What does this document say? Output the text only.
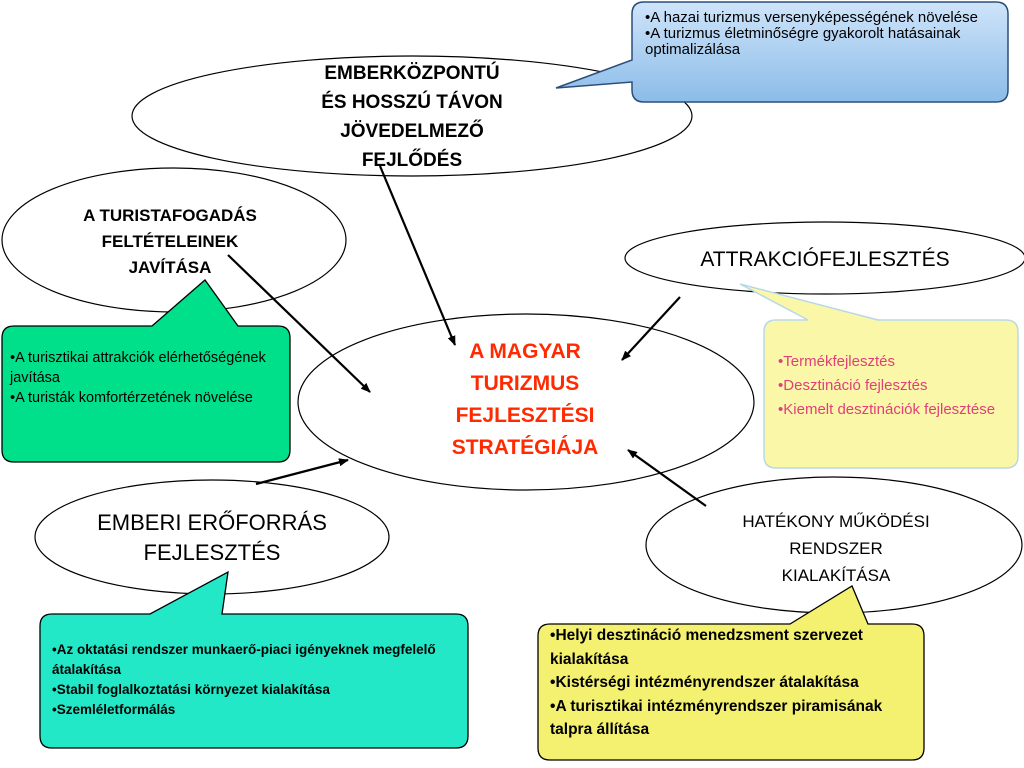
EMBERKÖZPONTÚ
ÉS HOSSZÚ TÁVON
JÖVEDELMEZŐ
FEJLŐDÉS
A TURISTAFOGADÁS
FELTÉTELEINEK
JAVÍTÁSA	ATTRAKCIÓFEJLESZTÉS
EMBERI ERŐFORRÁS
FEJLESZTÉS
HATÉKONY MŰKÖDÉSI
RENDSZER
KIALAKÍTÁSA
A MAGYAR
TURIZMUS
FEJLESZTÉSI
STRATÉGIÁJA
• A hazai turizmus versenyképességének növelése
• A turizmus életminőségre gyakorolt hatásainak optimalizálása
• A turisztikai attrakciók elérhetőségének javítása
• A turisták komfortérzetének növelése
• Termékfejlesztés
• Desztináció fejlesztés
• Kiemelt desztinációk fejlesztése
• Az oktatási rendszer munkaerő-piaci igényeknek megfelelő átalakítása
• Stabil foglalkoztatási környezet kialakítása
• Szemléletformálás
• Helyi desztináció menedzsment szervezet kialakítása
• Kistérségi intézményrendszer átalakítása
• A turisztikai intézményrendszer piramisának talpra állítása
